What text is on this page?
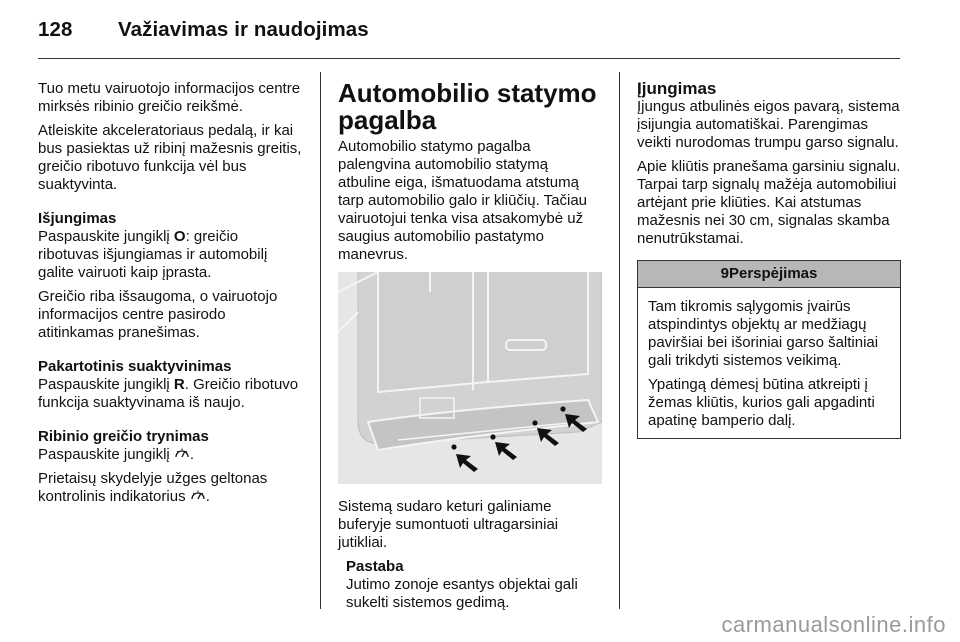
128 Važiavimas ir naudojimas

Tuo metu vairuotojo informacijos centre mirksės ribinio greičio reikšmė.

Atleiskite akceleratoriaus pedalą, ir kai bus pasiektas už ribinį mažesnis greitis, greičio ribotuvo funkcija vėl bus suaktyvinta.

Išjungimas

Paspauskite jungiklį O: greičio ribotuvas išjungiamas ir automobilį galite vairuoti kaip įprasta.

Greičio riba išsaugoma, o vairuotojo informacijos centre pasirodo atitinkamas pranešimas.

Pakartotinis suaktyvinimas

Paspauskite jungiklį R. Greičio ribotuvo funkcija suaktyvinama iš naujo.

Ribinio greičio trynimas

Paspauskite jungiklį .

Prietaisų skydelyje užges geltonas kontrolinis indikatorius .

Automobilio statymo pagalba

Automobilio statymo pagalba palengvina automobilio statymą atbuline eiga, išmatuodama atstumą tarp automobilio galo ir kliūčių. Tačiau vairuotojui tenka visa atsakomybė už saugius automobilio pastatymo manevrus.

Sistemą sudaro keturi galiniame buferyje sumontuoti ultragarsiniai jutikliai.

Pastaba

Jutimo zonoje esantys objektai gali sukelti sistemos gedimą.

Įjungimas

Įjungus atbulinės eigos pavarą, sistema įsijungia automatiškai. Parengimas veikti nurodomas trumpu garso signalu.

Apie kliūtis pranešama garsiniu signalu. Tarpai tarp signalų mažėja automobiliui artėjant prie kliūties. Kai atstumas mažesnis nei 30 cm, signalas skamba nenutrūkstamai.

9Perspėjimas

Tam tikromis sąlygomis įvairūs atspindintys objektų ar medžiagų paviršiai bei išoriniai garso šaltiniai gali trikdyti sistemos veikimą.

Ypatingą dėmesį būtina atkreipti į žemas kliūtis, kurios gali apgadinti apatinę bamperio dalį.

carmanualsonline.info
